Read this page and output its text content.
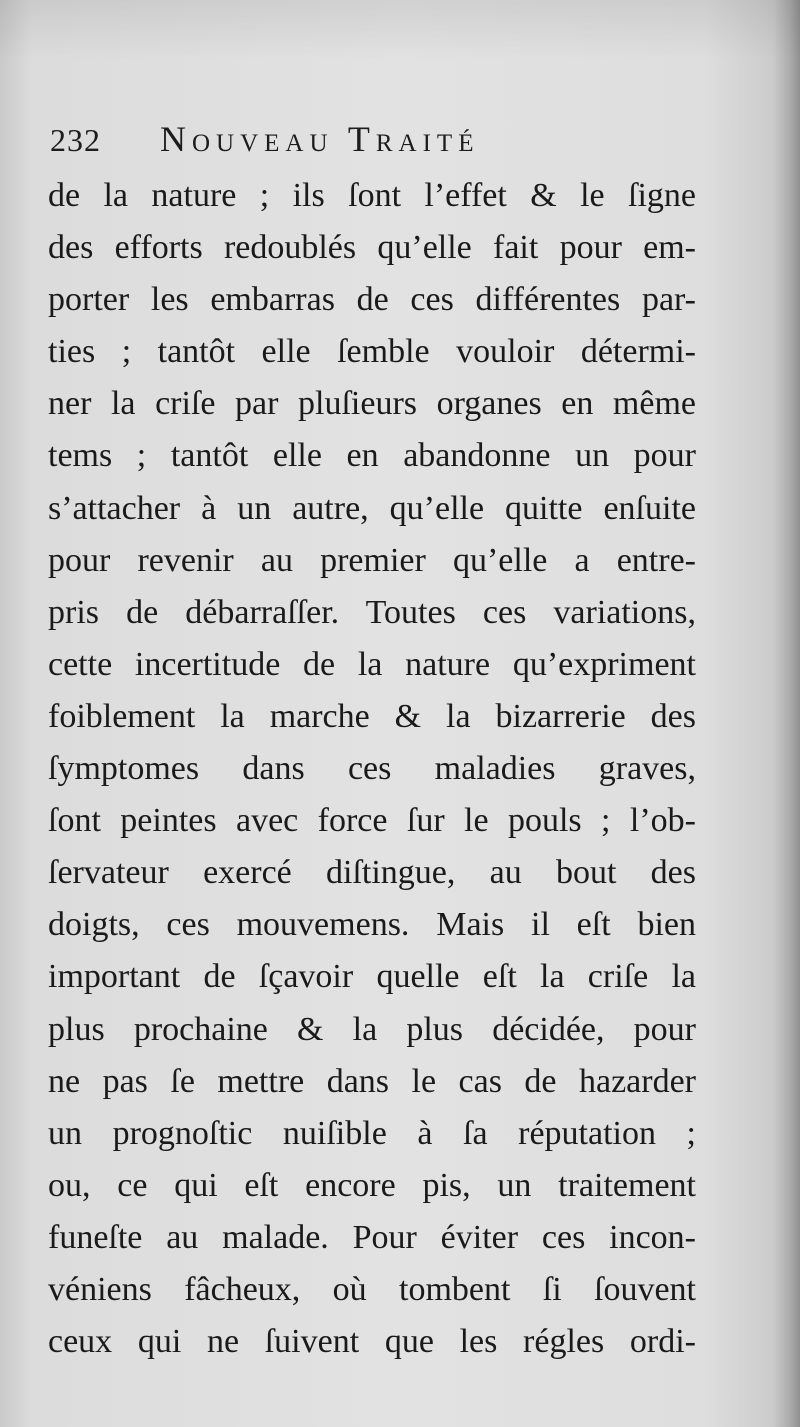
232 Nouveau Traité
de la nature ; ils ſont l’effet & le ſigne
des efforts redoublés qu’elle fait pour em-
porter les embarras de ces différentes par-
ties ; tantôt elle ſemble vouloir détermi-
ner la criſe par pluſieurs organes en même
tems ; tantôt elle en abandonne un pour
s’attacher à un autre, qu’elle quitte enſuite
pour revenir au premier qu’elle a entre-
pris de débarraſſer. Toutes ces variations,
cette incertitude de la nature qu’expriment
foiblement la marche & la bizarrerie des
ſymptomes dans ces maladies graves,
ſont peintes avec force ſur le pouls ; l’ob-
ſervateur exercé diſtingue, au bout des
doigts, ces mouvemens. Mais il eſt bien
important de ſçavoir quelle eſt la criſe la
plus prochaine & la plus décidée, pour
ne pas ſe mettre dans le cas de hazarder
un prognoſtic nuiſible à ſa réputation ;
ou, ce qui eſt encore pis, un traitement
funeſte au malade. Pour éviter ces incon-
véniens fâcheux, où tombent ſi ſouvent
ceux qui ne ſuivent que les régles ordi-
